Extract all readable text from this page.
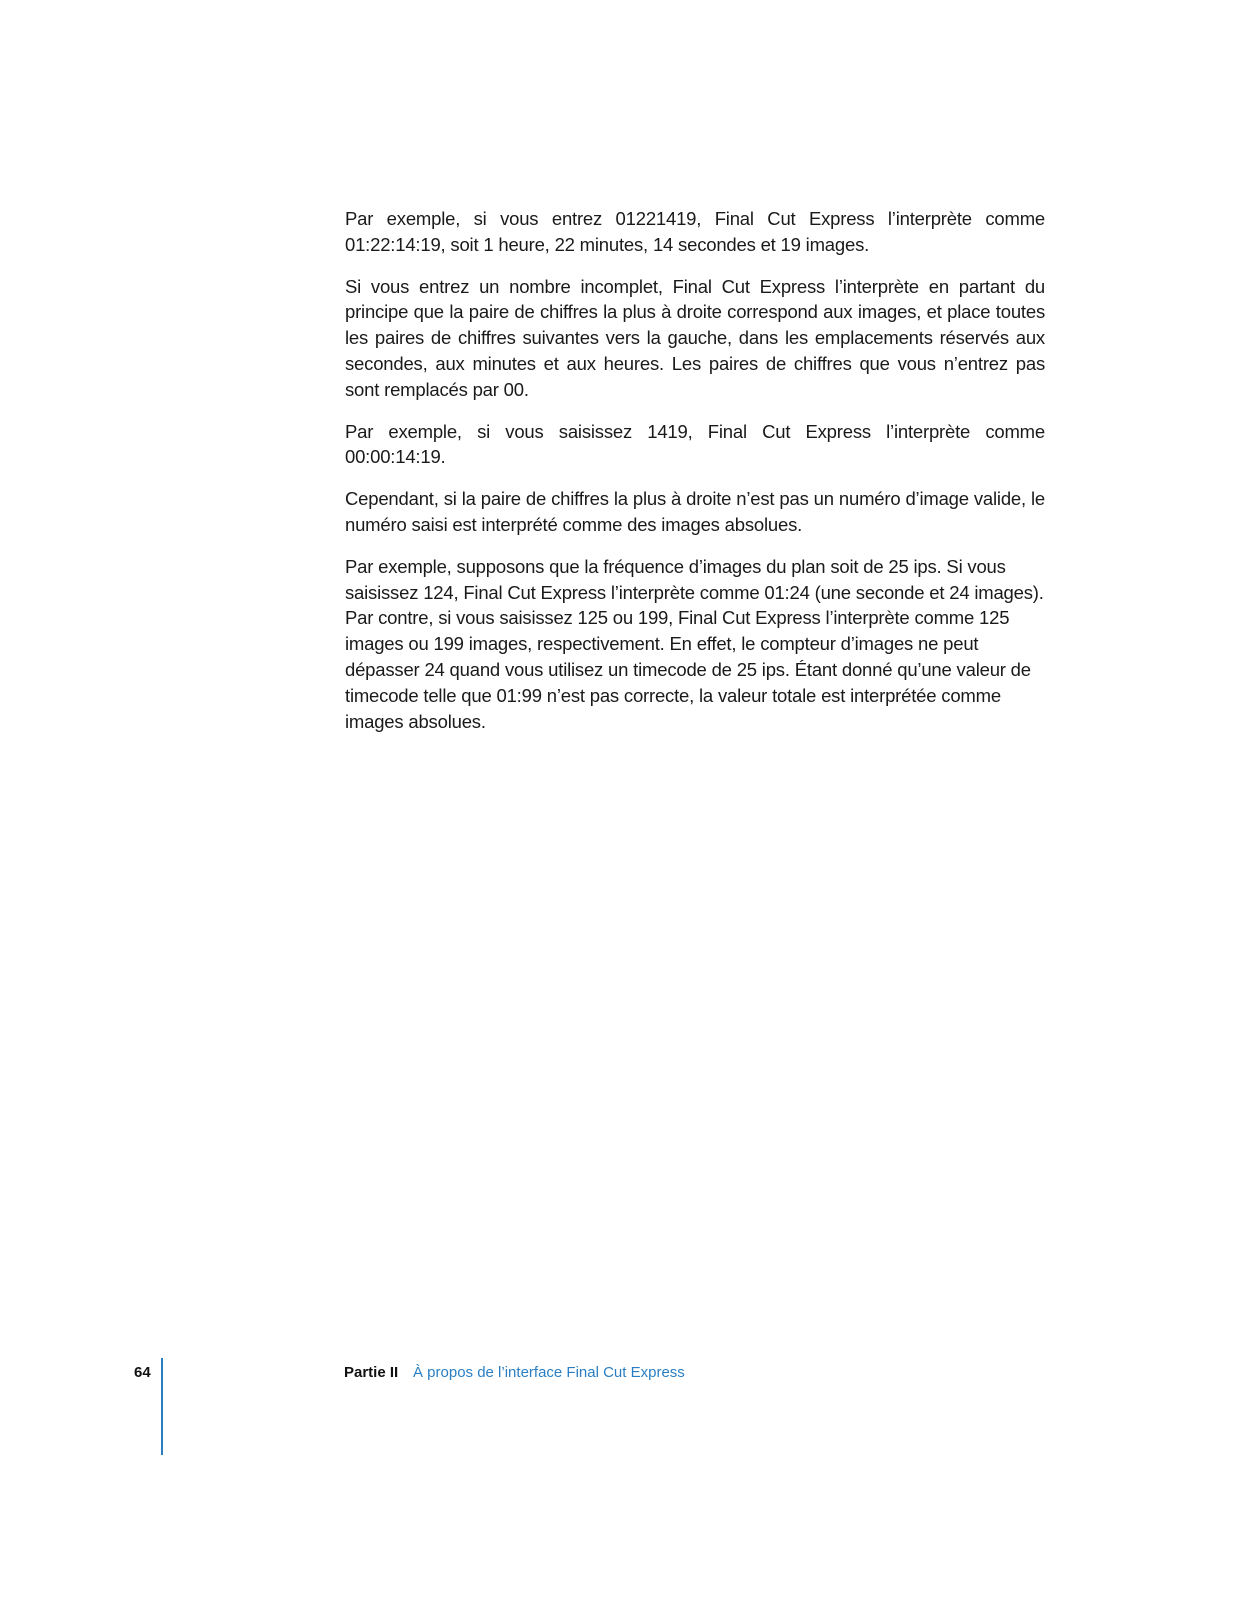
Par exemple, si vous entrez 01221419, Final Cut Express l’interprète comme 01:22:14:19, soit 1 heure, 22 minutes, 14 secondes et 19 images.

Si vous entrez un nombre incomplet, Final Cut Express l’interprète en partant du principe que la paire de chiffres la plus à droite correspond aux images, et place toutes les paires de chiffres suivantes vers la gauche, dans les emplacements réservés aux secondes, aux minutes et aux heures. Les paires de chiffres que vous n’entrez pas sont remplacés par 00.

Par exemple, si vous saisissez 1419, Final Cut Express l’interprète comme 00:00:14:19.

Cependant, si la paire de chiffres la plus à droite n’est pas un numéro d’image valide, le numéro saisi est interprété comme des images absolues.

Par exemple, supposons que la fréquence d’images du plan soit de 25 ips. Si vous saisissez 124, Final Cut Express l’interprète comme 01:24 (une seconde et 24 images). Par contre, si vous saisissez 125 ou 199, Final Cut Express l’interprète comme 125 images ou 199 images, respectivement. En effet, le compteur d’images ne peut dépasser 24 quand vous utilisez un timecode de 25 ips. Étant donné qu’une valeur de timecode telle que 01:99 n’est pas correcte, la valeur totale est interprétée comme images absolues.

64	Partie II À propos de l’interface Final Cut Express
